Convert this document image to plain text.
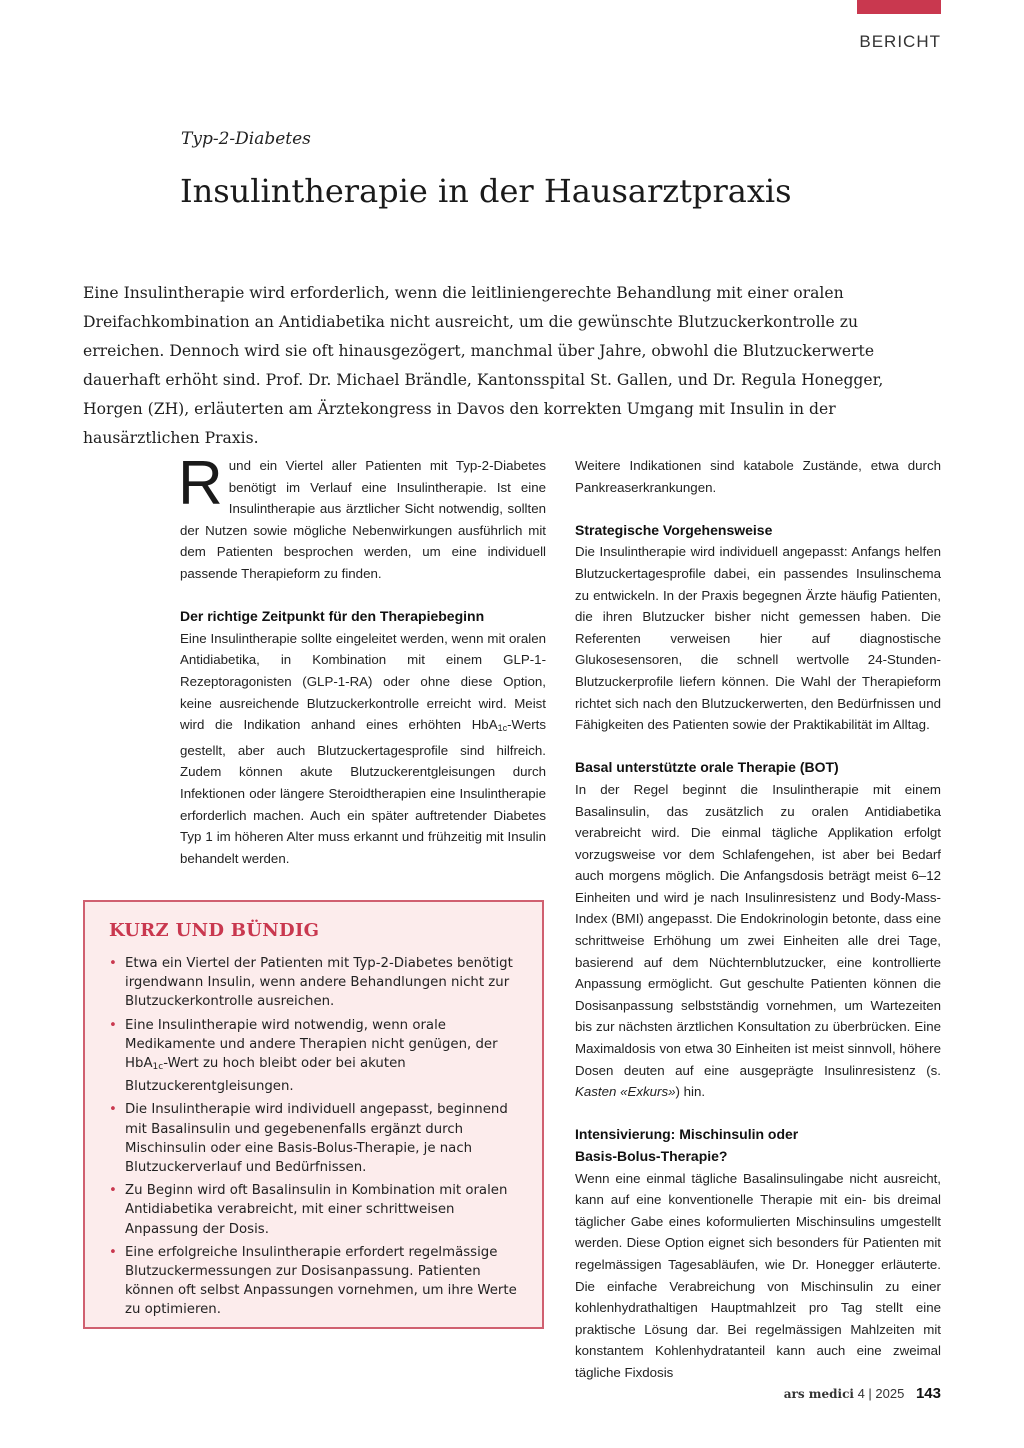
BERICHT
Typ-2-Diabetes
Insulintherapie in der Hausarztpraxis

Eine Insulintherapie wird erforderlich, wenn die leitliniengerechte Behandlung mit einer oralen Dreifachkombination an Antidiabetika nicht ausreicht, um die gewünschte Blutzuckerkontrolle zu erreichen. Dennoch wird sie oft hinausgezögert, manchmal über Jahre, obwohl die Blutzuckerwerte dauerhaft erhöht sind. Prof. Dr. Michael Brändle, Kantonsspital St. Gallen, und Dr. Regula Honegger, Horgen (ZH), erläuterten am Ärztekongress in Davos den korrekten Umgang mit Insulin in der hausärztlichen Praxis.

Rund ein Viertel aller Patienten mit Typ-2-Diabetes benötigt im Verlauf eine Insulintherapie. Ist eine Insulintherapie aus ärztlicher Sicht notwendig, sollten der Nutzen sowie mögliche Nebenwirkungen ausführlich mit dem Patienten besprochen werden, um eine individuell passende Therapieform zu finden.

Der richtige Zeitpunkt für den Therapiebeginn

Eine Insulintherapie sollte eingeleitet werden, wenn mit oralen Antidiabetika, in Kombination mit einem GLP-1-Rezeptoragonisten (GLP-1-RA) oder ohne diese Option, keine ausreichende Blutzuckerkontrolle erreicht wird. Meist wird die Indikation anhand eines erhöhten HbA$_{1c}$-Werts gestellt, aber auch Blutzuckertagesprofile sind hilfreich. Zudem können akute Blutzuckerentgleisungen durch Infektionen oder längere Steroidtherapien eine Insulintherapie erforderlich machen. Auch ein später auftretender Diabetes Typ 1 im höheren Alter muss erkannt und frühzeitig mit Insulin behandelt werden.

Weitere Indikationen sind katabole Zustände, etwa durch Pankreaserkrankungen.

Strategische Vorgehensweise

Die Insulintherapie wird individuell angepasst: Anfangs helfen Blutzuckertagesprofile dabei, ein passendes Insulinschema zu entwickeln. In der Praxis begegnen Ärzte häufig Patienten, die ihren Blutzucker bisher nicht gemessen haben. Die Referenten verweisen hier auf diagnostische Glukosesensoren, die schnell wertvolle 24-Stunden-Blutzuckerprofile liefern können. Die Wahl der Therapieform richtet sich nach den Blutzuckerwerten, den Bedürfnissen und Fähigkeiten des Patienten sowie der Praktikabilität im Alltag.

Basal unterstützte orale Therapie (BOT)

In der Regel beginnt die Insulintherapie mit einem Basalinsulin, das zusätzlich zu oralen Antidiabetika verabreicht wird. Die einmal tägliche Applikation erfolgt vorzugsweise vor dem Schlafengehen, ist aber bei Bedarf auch morgens möglich. Die Anfangsdosis beträgt meist 6–12 Einheiten und wird je nach Insulinresistenz und Body-Mass-Index (BMI) angepasst. Die Endokrinologin betonte, dass eine schrittweise Erhöhung um zwei Einheiten alle drei Tage, basierend auf dem Nüchternblutzucker, eine kontrollierte Anpassung ermöglicht. Gut geschulte Patienten können die Dosisanpassung selbstständig vornehmen, um Wartezeiten bis zur nächsten ärztlichen Konsultation zu überbrücken. Eine Maximaldosis von etwa 30 Einheiten ist meist sinnvoll, höhere Dosen deuten auf eine ausgeprägte Insulinresistenz (s. Kasten «Exkurs») hin.

Intensivierung: Mischinsulin oder
Basis-Bolus-Therapie?

Wenn eine einmal tägliche Basalinsulingabe nicht ausreicht, kann auf eine konventionelle Therapie mit ein- bis dreimal täglicher Gabe eines koformulierten Mischinsulins umgestellt werden. Diese Option eignet sich besonders für Patienten mit regelmässigen Tagesabläufen, wie Dr. Honegger erläuterte. Die einfache Verabreichung von Mischinsulin zu einer kohlenhydrathaltigen Hauptmahlzeit pro Tag stellt eine praktische Lösung dar. Bei regelmässigen Mahlzeiten mit konstantem Kohlenhydratanteil kann auch eine zweimal tägliche Fixdosis

KURZ UND BÜNDIG
• Etwa ein Viertel der Patienten mit Typ-2-Diabetes benötigt irgendwann Insulin, wenn andere Behandlungen nicht zur Blutzuckerkontrolle ausreichen.
• Eine Insulintherapie wird notwendig, wenn orale Medikamente und andere Therapien nicht genügen, der HbA$_{1c}$-Wert zu hoch bleibt oder bei akuten Blutzuckerentgleisungen.
• Die Insulintherapie wird individuell angepasst, beginnend mit Basalinsulin und gegebenenfalls ergänzt durch Mischinsulin oder eine Basis-Bolus-Therapie, je nach Blutzuckerverlauf und Bedürfnissen.
• Zu Beginn wird oft Basalinsulin in Kombination mit oralen Antidiabetika verabreicht, mit einer schrittweisen Anpassung der Dosis.
• Eine erfolgreiche Insulintherapie erfordert regelmässige Blutzuckermessungen zur Dosisanpassung. Patienten können oft selbst Anpassungen vornehmen, um ihre Werte zu optimieren.
ars medici 4 | 2025 143
